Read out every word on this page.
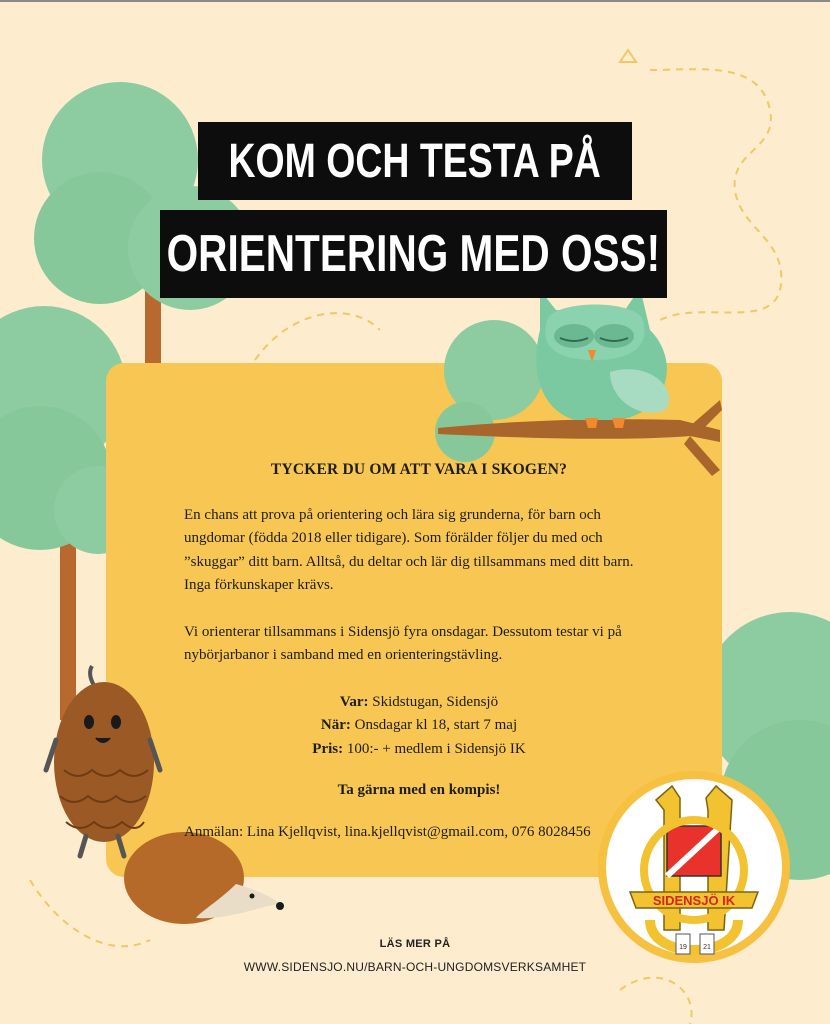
SIDENSJÖ IK
19 21
KOM OCH TESTA PÅ
ORIENTERING MED OSS!

TYCKER DU OM ATT VARA I SKOGEN?

En chans att prova på orientering och lära sig grunderna, för barn och ungdomar (födda 2018 eller tidigare). Som förälder följer du med och ”skuggar” ditt barn. Alltså, du deltar och lär dig tillsammans med ditt barn. Inga förkunskaper krävs.

Vi orienterar tillsammans i Sidensjö fyra onsdagar. Dessutom testar vi på nybörjarbanor i samband med en orienteringstävling.

Var: Skidstugan, Sidensjö

När: Onsdagar kl 18, start 7 maj

Pris: 100:- + medlem i Sidensjö IK

Ta gärna med en kompis!

Anmälan: Lina Kjellqvist, lina.kjellqvist@gmail.com, 076 8028456

LÄS MER PÅ
WWW.SIDENSJO.NU/BARN-OCH-UNGDOMSVERKSAMHET
